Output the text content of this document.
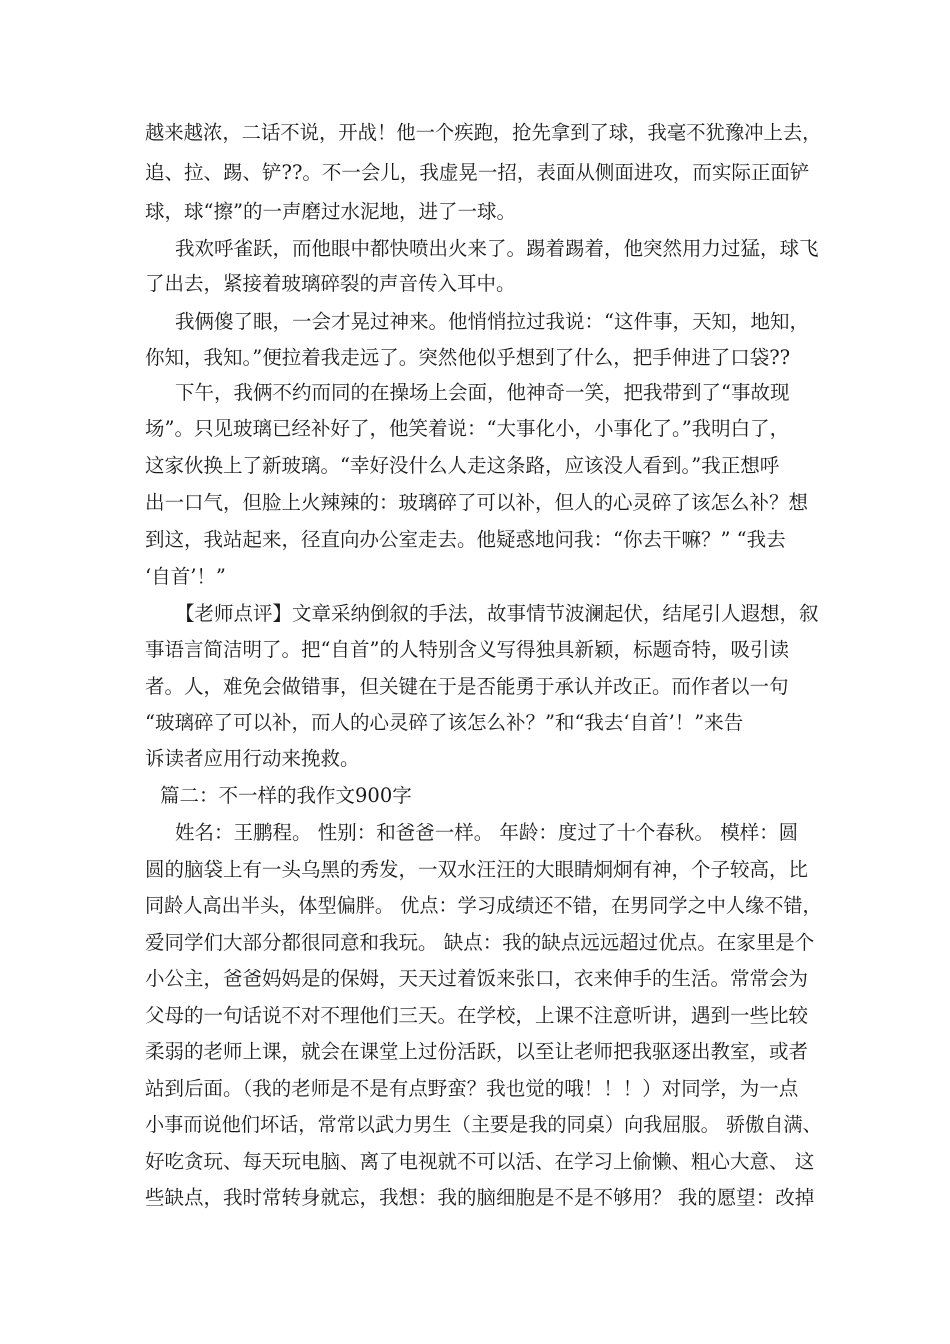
越来越浓，二话不说，开战！他一个疾跑，抢先拿到了球，我毫不犹豫冲上去，
追、拉、踢、铲??。不一会儿，我虚晃一招，表面从侧面进攻，而实际正面铲
球，球“擦”的一声磨过水泥地，进了一球。
我欢呼雀跃，而他眼中都快喷出火来了。踢着踢着，他突然用力过猛，球飞
了出去，紧接着玻璃碎裂的声音传入耳中。
我俩傻了眼，一会才晃过神来。他悄悄拉过我说：“这件事，天知，地知，
你知，我知。”便拉着我走远了。突然他似乎想到了什么，把手伸进了口袋??
下午，我俩不约而同的在操场上会面，他神奇一笑，把我带到了“事故现
场”。只见玻璃已经补好了，他笑着说：“大事化小，小事化了。”我明白了，
这家伙换上了新玻璃。“幸好没什么人走这条路，应该没人看到。”我正想呼
出一口气，但脸上火辣辣的：玻璃碎了可以补，但人的心灵碎了该怎么补？想
到这，我站起来，径直向办公室走去。他疑惑地问我：“你去干嘛？” “我去
‘自首’！”
【老师点评】文章采纳倒叙的手法，故事情节波澜起伏，结尾引人遐想，叙
事语言简洁明了。把“自首”的人特别含义写得独具新颖，标题奇特，吸引读
者。人，难免会做错事，但关键在于是否能勇于承认并改正。而作者以一句
“玻璃碎了可以补，而人的心灵碎了该怎么补？”和“我去‘自首’！”来告
诉读者应用行动来挽救。
篇二：不一样的我作文900字
姓名：王鹏程。 性别：和爸爸一样。 年龄：度过了十个春秋。 模样：圆
圆的脑袋上有一头乌黑的秀发，一双水汪汪的大眼睛炯炯有神，个子较高，比
同龄人高出半头，体型偏胖。 优点：学习成绩还不错，在男同学之中人缘不错，
爱同学们大部分都很同意和我玩。 缺点：我的缺点远远超过优点。在家里是个
小公主，爸爸妈妈是的保姆，天天过着饭来张口，衣来伸手的生活。常常会为
父母的一句话说不对不理他们三天。在学校，上课不注意听讲，遇到一些比较
柔弱的老师上课，就会在课堂上过份活跃，以至让老师把我驱逐出教室，或者
站到后面。（我的老师是不是有点野蛮？我也觉的哦！！！）对同学，为一点
小事而说他们坏话，常常以武力男生（主要是我的同桌）向我屈服。 骄傲自满、
好吃贪玩、每天玩电脑、离了电视就不可以活、在学习上偷懒、粗心大意、 这
些缺点，我时常转身就忘，我想：我的脑细胞是不是不够用？ 我的愿望：改掉
